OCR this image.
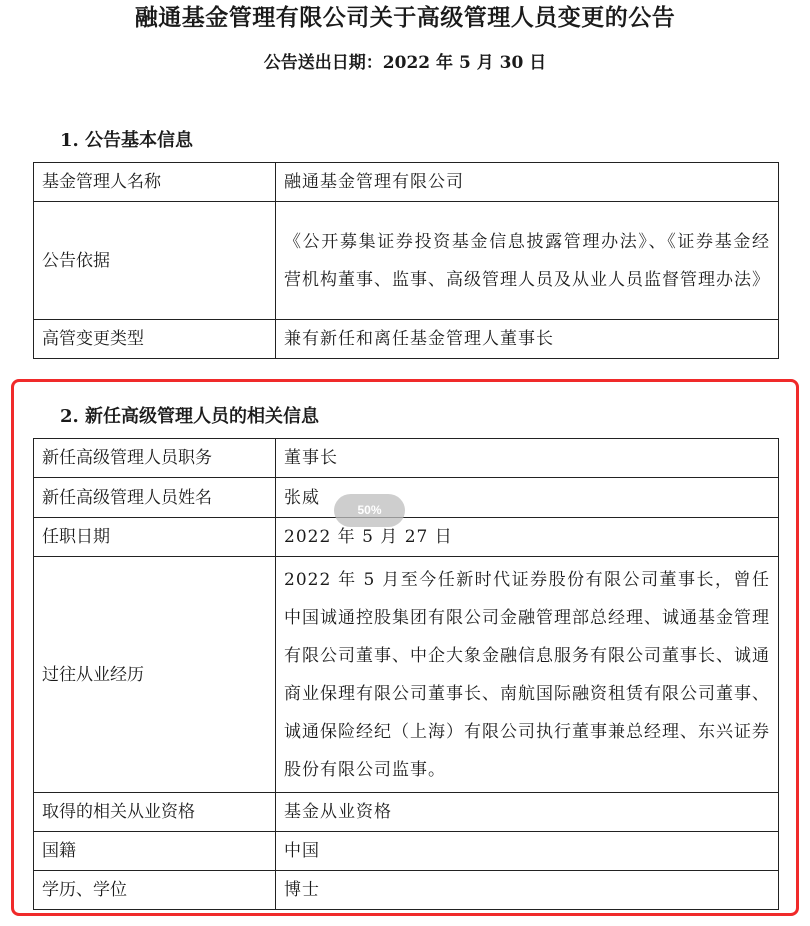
融通基金管理有限公司关于高级管理人员变更的公告
公告送出日期：2022 年 5 月 30 日
1. 公告基本信息
基金管理人名称	融通基金管理有限公司
公告依据	《公开募集证券投资基金信息披露管理办法》、《证券基金经营机构董事、监事、高级管理人员及从业人员监督管理办法》
高管变更类型	兼有新任和离任基金管理人董事长
2. 新任高级管理人员的相关信息
新任高级管理人员职务	董事长
新任高级管理人员姓名	张威
任职日期	2022 年 5 月 27 日
过往从业经历	2022 年 5 月至今任新时代证券股份有限公司董事长，曾任中国诚通控股集团有限公司金融管理部总经理、诚通基金管理有限公司董事、中企大象金融信息服务有限公司董事长、诚通商业保理有限公司董事长、南航国际融资租赁有限公司董事、诚通保险经纪（上海）有限公司执行董事兼总经理、东兴证券股份有限公司监事。
取得的相关从业资格	基金从业资格
国籍	中国
学历、学位	博士
50%
